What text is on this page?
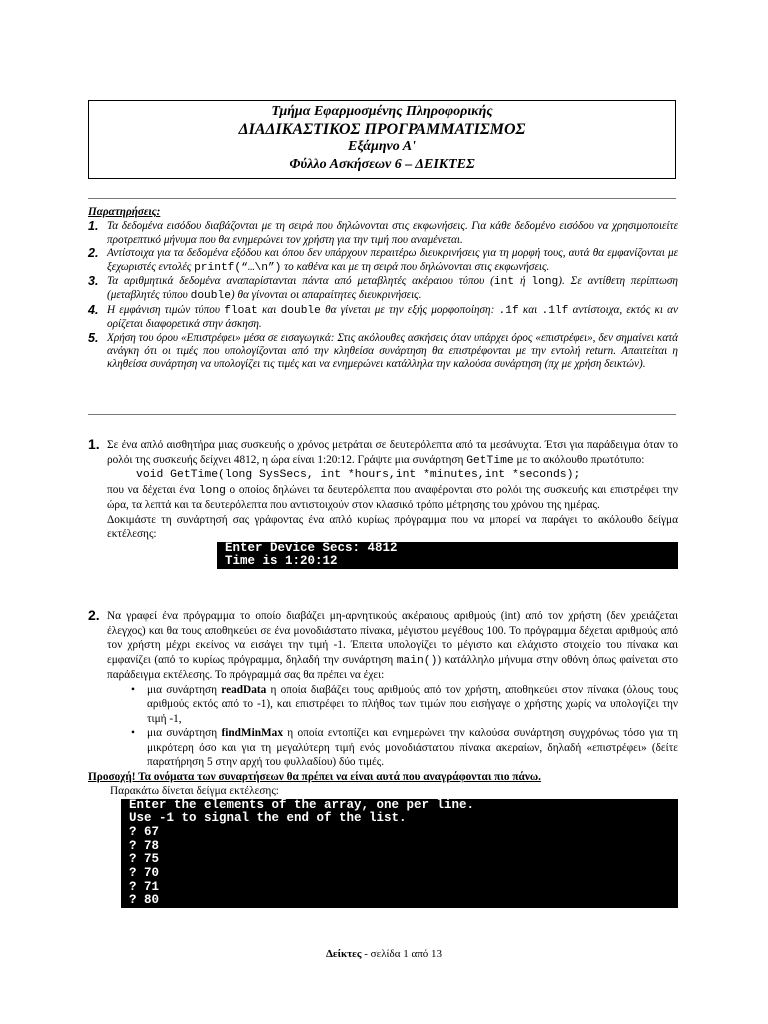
Τμήμα Εφαρμοσμένης Πληροφορικής
ΔΙΑΔΙΚΑΣΤΙΚΟΣ ΠΡΟΓΡΑΜΜΑΤΙΣΜΟΣ
Εξάμηνο Α'
Φύλλο Ασκήσεων 6 – ΔΕΙΚΤΕΣ
Παρατηρήσεις:
1. Τα δεδομένα εισόδου διαβάζονται με τη σειρά που δηλώνονται στις εκφωνήσεις. Για κάθε δεδομένο εισόδου να χρησιμοποιείτε προτρεπτικό μήνυμα που θα ενημερώνει τον χρήστη για την τιμή που αναμένεται.
2. Αντίστοιχα για τα δεδομένα εξόδου και όπου δεν υπάρχουν περαιτέρω διευκρινήσεις για τη μορφή τους, αυτά θα εμφανίζονται με ξεχωριστές εντολές printf(“…\n”) το καθένα και με τη σειρά που δηλώνονται στις εκφωνήσεις.
3. Τα αριθμητικά δεδομένα αναπαρίστανται πάντα από μεταβλητές ακέραιου τύπου (int ή long). Σε αντίθετη περίπτωση (μεταβλητές τύπου double) θα γίνονται οι απαραίτητες διευκρινήσεις.
4. Η εμφάνιση τιμών τύπου float και double θα γίνεται με την εξής μορφοποίηση: .1f και .1lf αντίστοιχα, εκτός κι αν ορίζεται διαφορετικά στην άσκηση.
5. Χρήση του όρου «Επιστρέφει» μέσα σε εισαγωγικά: Στις ακόλουθες ασκήσεις όταν υπάρχει όρος «επιστρέφει», δεν σημαίνει κατά ανάγκη ότι οι τιμές που υπολογίζονται από την κληθείσα συνάρτηση θα επιστρέφονται με την εντολή return. Απαιτείται η κληθείσα συνάρτηση να υπολογίζει τις τιμές και να ενημερώνει κατάλληλα την καλούσα συνάρτηση (πχ με χρήση δεικτών).
1. Σε ένα απλό αισθητήρα μιας συσκευής ο χρόνος μετράται σε δευτερόλεπτα από τα μεσάνυχτα. Έτσι για παράδειγμα όταν το ρολόι της συσκευής δείχνει 4812, η ώρα είναι 1:20:12. Γράψτε μια συνάρτηση GetTime με το ακόλουθο πρωτότυπο:
void GetTime(long SysSecs, int *hours,int *minutes,int *seconds);
που να δέχεται ένα long ο οποίος δηλώνει τα δευτερόλεπτα που αναφέρονται στο ρολόι της συσκευής και επιστρέφει την ώρα, τα λεπτά και τα δευτερόλεπτα που αντιστοιχούν στον κλασικό τρόπο μέτρησης του χρόνου της ημέρας.
Δοκιμάστε τη συνάρτησή σας γράφοντας ένα απλό κυρίως πρόγραμμα που να μπορεί να παράγει το ακόλουθο δείγμα εκτέλεσης:
Enter Device Secs: 4812
Time is 1:20:12
2. Να γραφεί ένα πρόγραμμα το οποίο διαβάζει μη-αρνητικούς ακέραιους αριθμούς (int) από τον χρήστη (δεν χρειάζεται έλεγχος) και θα τους αποθηκεύει σε ένα μονοδιάστατο πίνακα, μέγιστου μεγέθους 100. Το πρόγραμμα δέχεται αριθμούς από τον χρήστη μέχρι εκείνος να εισάγει την τιμή -1. Έπειτα υπολογίζει το μέγιστο και ελάχιστο στοιχείο του πίνακα και εμφανίζει (από το κυρίως πρόγραμμα, δηλαδή την συνάρτηση main()) κατάλληλο μήνυμα στην οθόνη όπως φαίνεται στο παράδειγμα εκτέλεσης. Το πρόγραμμά σας θα πρέπει να έχει:
• μια συνάρτηση readData η οποία διαβάζει τους αριθμούς από τον χρήστη, αποθηκεύει στον πίνακα (όλους τους αριθμούς εκτός από το -1), και επιστρέφει το πλήθος των τιμών που εισήγαγε ο χρήστης χωρίς να υπολογίζει την τιμή -1,
• μια συνάρτηση findMinMax η οποία εντοπίζει και ενημερώνει την καλούσα συνάρτηση συγχρόνως τόσο για τη μικρότερη όσο και για τη μεγαλύτερη τιμή ενός μονοδιάστατου πίνακα ακεραίων, δηλαδή «επιστρέφει» (δείτε παρατήρηση 5 στην αρχή του φυλλαδίου) δύο τιμές.
Προσοχή! Τα ονόματα των συναρτήσεων θα πρέπει να είναι αυτά που αναγράφονται πιο πάνω.
Παρακάτω δίνεται δείγμα εκτέλεσης:
Enter the elements of the array, one per line.
Use -1 to signal the end of the list.
? 67
? 78
? 75
? 70
? 71
? 80
Δείκτες - σελίδα 1 από 13
